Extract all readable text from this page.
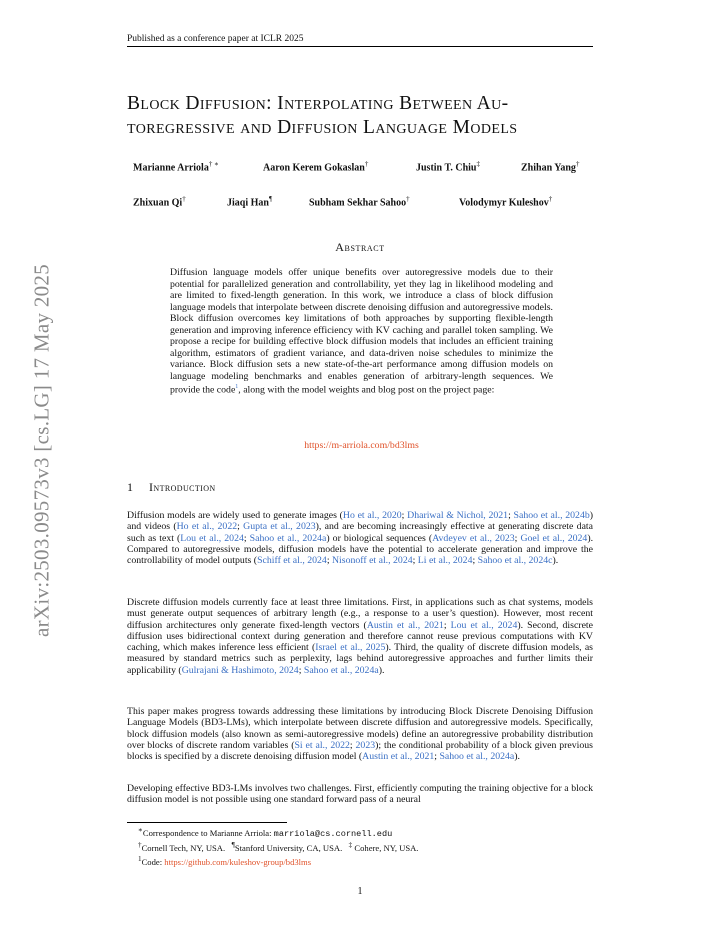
Published as a conference paper at ICLR 2025
arXiv:2503.09573v3 [cs.LG] 17 May 2025
Block Diffusion: Interpolating Between Au-
toregressive and Diffusion Language Models
Marianne Arriola† ∗	Aaron Kerem Gokaslan†	Justin T. Chiu‡	Zhihan Yang†
Zhixuan Qi†	Jiaqi Han¶	Subham Sekhar Sahoo†	Volodymyr Kuleshov†
Abstract
Diffusion language models offer unique benefits over autoregressive models due to their potential for parallelized generation and controllability, yet they lag in likelihood modeling and are limited to fixed-length generation. In this work, we introduce a class of block diffusion language models that interpolate between discrete denoising diffusion and autoregressive models. Block diffusion overcomes key limitations of both approaches by supporting flexible-length generation and improving inference efficiency with KV caching and parallel token sampling. We propose a recipe for building effective block diffusion models that includes an efficient training algorithm, estimators of gradient variance, and data-driven noise schedules to minimize the variance. Block diffusion sets a new state-of-the-art performance among diffusion models on language modeling benchmarks and enables generation of arbitrary-length sequences. We provide the code$^1$, along with the model weights and blog post on the project page:
https://m-arriola.com/bd3lms
1 Introduction
Diffusion models are widely used to generate images (Ho et al., 2020; Dhariwal & Nichol, 2021; Sahoo et al., 2024b) and videos (Ho et al., 2022; Gupta et al., 2023), and are becoming increasingly effective at generating discrete data such as text (Lou et al., 2024; Sahoo et al., 2024a) or biological sequences (Avdeyev et al., 2023; Goel et al., 2024). Compared to autoregressive models, diffusion models have the potential to accelerate generation and improve the controllability of model outputs (Schiff et al., 2024; Nisonoff et al., 2024; Li et al., 2024; Sahoo et al., 2024c).
Discrete diffusion models currently face at least three limitations. First, in applications such as chat systems, models must generate output sequences of arbitrary length (e.g., a response to a user’s question). However, most recent diffusion architectures only generate fixed-length vectors (Austin et al., 2021; Lou et al., 2024). Second, discrete diffusion uses bidirectional context during generation and therefore cannot reuse previous computations with KV caching, which makes inference less efficient (Israel et al., 2025). Third, the quality of discrete diffusion models, as measured by standard metrics such as perplexity, lags behind autoregressive approaches and further limits their applicability (Gulrajani & Hashimoto, 2024; Sahoo et al., 2024a).
This paper makes progress towards addressing these limitations by introducing Block Discrete Denoising Diffusion Language Models (BD3-LMs), which interpolate between discrete diffusion and autoregressive models. Specifically, block diffusion models (also known as semi-autoregressive models) define an autoregressive probability distribution over blocks of discrete random variables (Si et al., 2022; 2023); the conditional probability of a block given previous blocks is specified by a discrete denoising diffusion model (Austin et al., 2021; Sahoo et al., 2024a).
Developing effective BD3-LMs involves two challenges. First, efficiently computing the training objective for a block diffusion model is not possible using one standard forward pass of a neural
∗Correspondence to Marianne Arriola: marriola@cs.cornell.edu
†Cornell Tech, NY, USA. ¶Stanford University, CA, USA. ‡ Cohere, NY, USA.
$^1$Code: https://github.com/kuleshov-group/bd3lms
1
